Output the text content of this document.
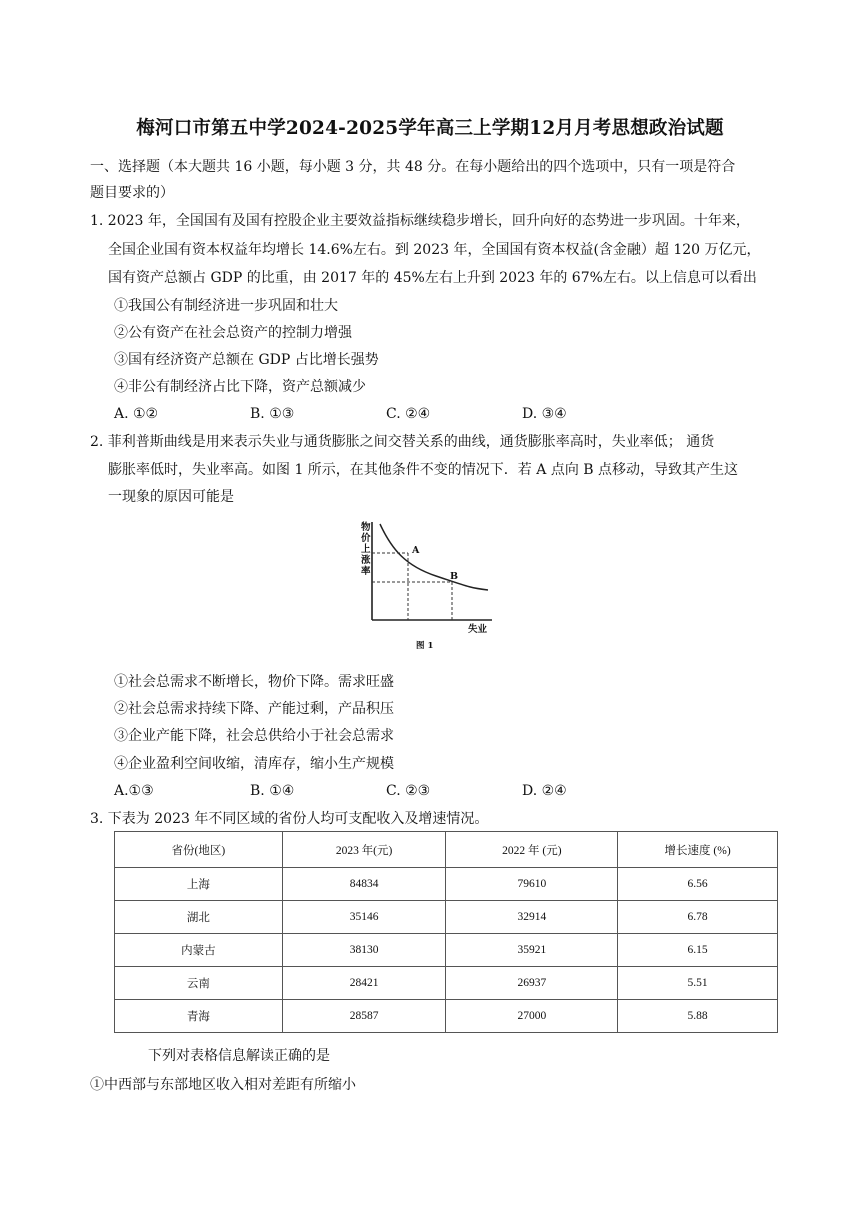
梅河口市第五中学2024-2025学年高三上学期12月月考思想政治试题
一、选择题（本大题共 16 小题，每小题 3 分，共 48 分。在每小题给出的四个选项中，只有一项是符合
题目要求的）
1. 2023 年，全国国有及国有控股企业主要效益指标继续稳步增长，回升向好的态势进一步巩固。十年来，
全国企业国有资本权益年均增长 14.6%左右。到 2023 年，全国国有资本权益(含金融）超 120 万亿元，
国有资产总额占 GDP 的比重，由 2017 年的 45%左右上升到 2023 年的 67%左右。以上信息可以看出
①我国公有制经济进一步巩固和壮大
②公有资产在社会总资产的控制力增强
③国有经济资产总额在 GDP 占比增长强势
④非公有制经济占比下降，资产总额减少
A. ①②	B. ①③	C. ②④	D. ③④
2. 菲利普斯曲线是用来表示失业与通货膨胀之间交替关系的曲线，通货膨胀率高时，失业率低； 通货
膨胀率低时，失业率高。如图 1 所示，在其他条件不变的情况下．若 A 点向 B 点移动，导致其产生这
一现象的原因可能是
物
价
上
涨
率
A
B
失业
图 1
①社会总需求不断增长，物价下降。需求旺盛
②社会总需求持续下降、产能过剩，产品积压
③企业产能下降，社会总供给小于社会总需求
④企业盈利空间收缩，清库存，缩小生产规模
A.①③	B. ①④	C. ②③	D. ②④
3. 下表为 2023 年不同区域的省份人均可支配收入及增速情况。
省份(地区)	2023 年(元)	2022 年 (元)	增长速度 (%)
上海	84834	79610	6.56
湖北	35146	32914	6.78
内蒙古	38130	35921	6.15
云南	28421	26937	5.51
青海	28587	27000	5.88
下列对表格信息解读正确的是
①中西部与东部地区收入相对差距有所缩小
